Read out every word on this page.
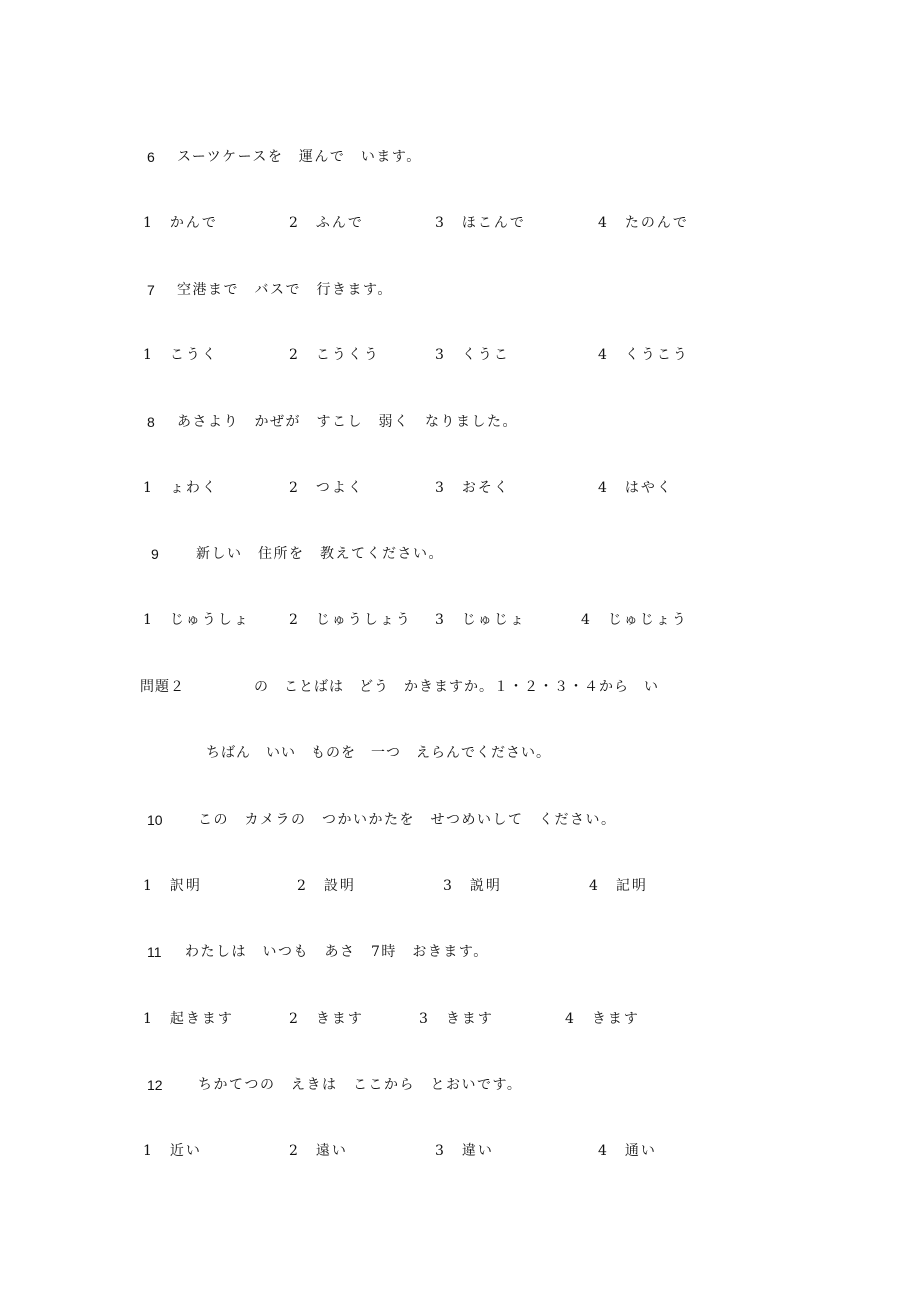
6 スーツケースを　運んで　います。
1 かんで	2 ふんで	3 ほこんで	4 たのんで
7 空港まで　バスで　行きます。
1 こうく	2 こうくう	3 くうこ	4 くうこう
8 あさより　かぜが　すこし　弱く　なりました。
1 ょわく	2 つよく	3 おそく	4 はやく
9	新しい　住所を　教えてください。
1 じゅうしょ	2 じゅうしょう 3 じゅじょ	4 じゅじょう
問題２	の　ことばは　どう　かきますか。１・２・３・４から　い
ちばん　いい　ものを　一つ　えらんでください。
10	この　カメラの　つかいかたを　せつめいして　ください。
1 訳明	2 設明	3 説明	4 記明
11 わたしは　いつも　あさ　7時　おきます。
1 起きます	2 きます	3 きます	4 きます
12	ちかてつの　えきは　ここから　とおいです。
1 近い	2 遠い	3 違い	4 通い
